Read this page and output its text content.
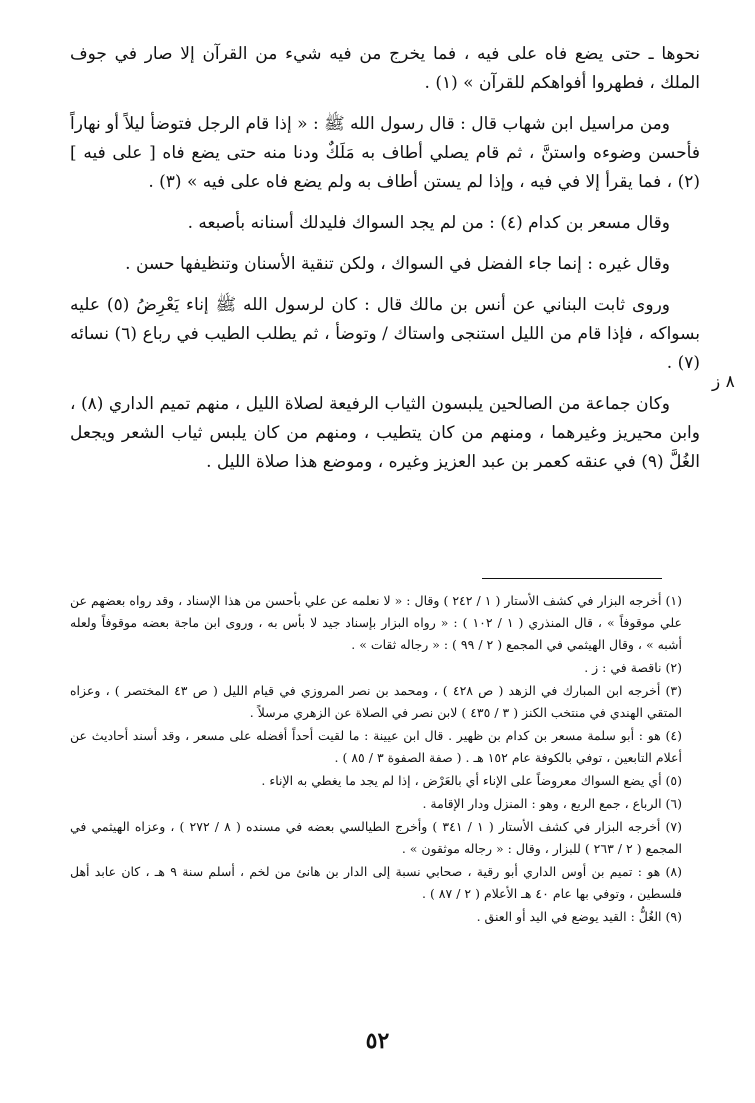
نحوها ـ حتى يضع فاه على فيه ، فما يخرج من فيه شيء من القرآن إلا صار في جوف الملك ، فطهروا أفواهكم للقرآن » (١) .

ومن مراسيل ابن شهاب قال : قال رسول الله ﷺ : « إذا قام الرجل فتوضأ ليلاً أو نهاراً فأحسن وضوءه واستنَّ ، ثم قام يصلي أطاف به مَلَكٌ ودنا منه حتى يضع فاه [ على فيه ] (٢) ، فما يقرأ إلا في فيه ، وإذا لم يستن أطاف به ولم يضع فاه على فيه » (٣) .

وقال مسعر بن كدام (٤) : من لم يجد السواك فليدلك أسنانه بأصبعه .

وقال غيره : إنما جاء الفضل في السواك ، ولكن تنقية الأسنان وتنظيفها حسن .

وروى ثابت البناني عن أنس بن مالك قال : كان لرسول الله ﷺ إناء يَعْرِضُ (٥) عليه بسواكه ، فإذا قام من الليل استنجى واستاك / وتوضأ ، ثم يطلب الطيب في رباع (٦) نسائه (٧) .

وكان جماعة من الصالحين يلبسون الثياب الرفيعة لصلاة الليل ، منهم تميم الداري (٨) ، وابن محيريز وغيرهما ، ومنهم من كان يتطيب ، ومنهم من كان يلبس ثياب الشعر ويجعل الغُلَّ (٩) في عنقه كعمر بن عبد العزيز وغيره ، وموضع هذا صلاة الليل .

٨ ز

(١) أخرجه البزار في كشف الأستار ( ١ / ٢٤٢ ) وقال : « لا نعلمه عن علي بأحسن من هذا الإسناد ، وقد رواه بعضهم عن علي موقوفاً » ، قال المنذري ( ١ / ١٠٢ ) : « رواه البزار بإسناد جيد لا بأس به ، وروى ابن ماجة بعضه موقوفاً ولعله أشبه » ، وقال الهيثمي في المجمع ( ٢ / ٩٩ ) : « رجاله ثقات » .

(٢) ناقصة في : ز .

(٣) أخرجه ابن المبارك في الزهد ( ص ٤٢٨ ) ، ومحمد بن نصر المروزي في قيام الليل ( ص ٤٣ المختصر ) ، وعزاه المتقي الهندي في منتخب الكنز ( ٣ / ٤٣٥ ) لابن نصر في الصلاة عن الزهري مرسلاً .

(٤) هو : أبو سلمة مسعر بن كدام بن ظهير . قال ابن عيينة : ما لقيت أحداً أفضله على مسعر ، وقد أسند أحاديث عن أعلام التابعين ، توفي بالكوفة عام ١٥٢ هـ . ( صفة الصفوة ٣ / ٨٥ ) .

(٥) أي يضع السواك معروضاً على الإناء أي بالعَرْض ، إذا لم يجد ما يغطي به الإناء .

(٦) الرباع ، جمع الربع ، وهو : المنزل ودار الإقامة .

(٧) أخرجه البزار في كشف الأستار ( ١ / ٣٤١ ) وأخرج الطيالسي بعضه في مسنده ( ٨ / ٢٧٢ ) ، وعزاه الهيثمي في المجمع ( ٢ / ٢٦٣ ) للبزار ، وقال : « رجاله موثقون » .

(٨) هو : تميم بن أوس الداري أبو رقية ، صحابي نسبة إلى الدار بن هانئ من لخم ، أسلم سنة ٩ هـ ، كان عابد أهل فلسطين ، وتوفي بها عام ٤٠ هـ الأعلام ( ٢ / ٨٧ ) .

(٩) الغُلُّ : القيد يوضع في اليد أو العنق .

٥٢
